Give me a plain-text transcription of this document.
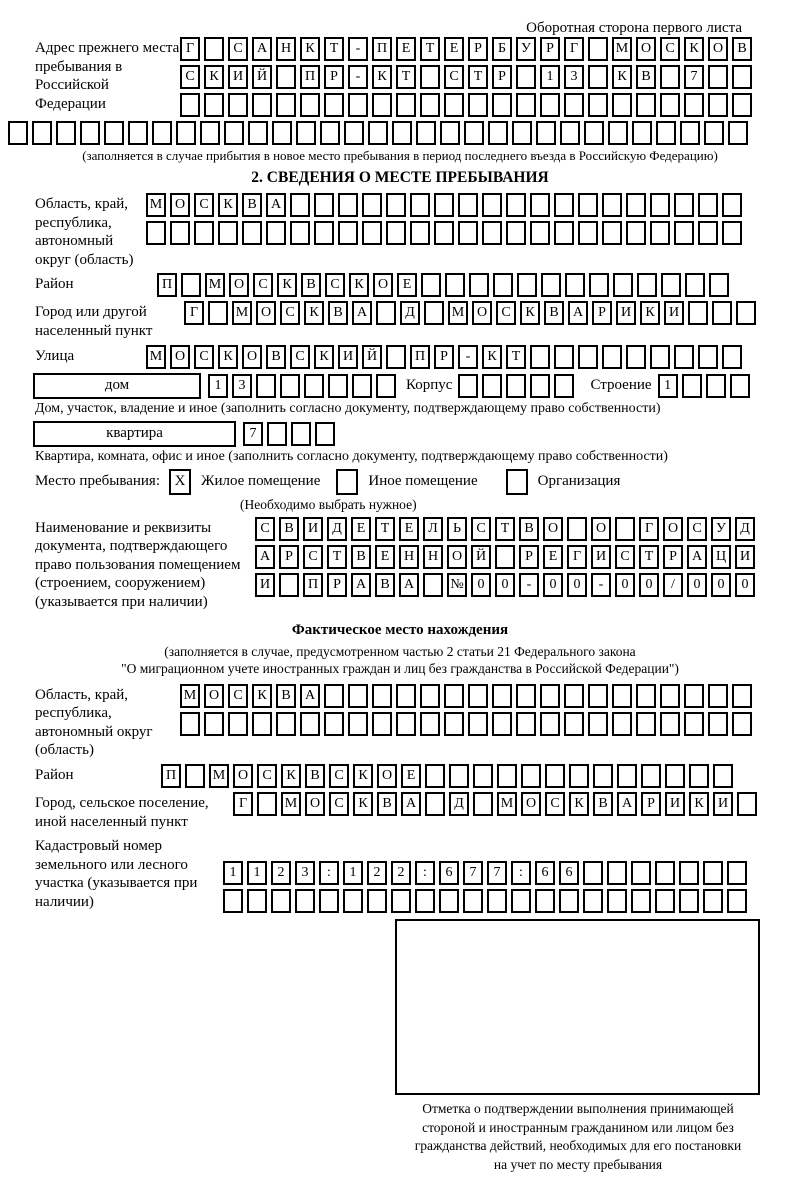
Оборотная сторона первого листа
Адрес прежнего места пребывания в Российской Федерации
Г	С	А Н	К	Т	-	П	Е	Т	Е	Р	Б	У	Р	Г	М О	С	К	О	В
С	К	И Й	П	Р	-	К	Т	С	Т	Р	1	3	К	В	7
(заполняется в случае прибытия в новое место пребывания в период последнего въезда в Российскую Федерацию)
2. СВЕДЕНИЯ О МЕСТЕ ПРЕБЫВАНИЯ
Область, край, республика, автономный округ (область)
М О	С	К	В	А
Район	П	М О	С	К	В	С	К	О	Е
Город или другой населенный пункт
Г	М О	С	К	В	А	Д	М О	С	К	В	А	Р	И	К	И
Улица	М О	С	К	О	В	С	К	И Й	П	Р	-	К	Т
дом	1	3	Корпус	Строение 1
Дом, участок, владение и иное (заполнить согласно документу, подтверждающему право собственности)
квартира	7
Квартира, комната, офис и иное (заполнить согласно документу, подтверждающему право собственности)
Место пребывания: X	Жилое помещение	Иное помещение	Организация
(Необходимо выбрать нужное)
Наименование и реквизиты документа, подтверждающего право пользования помещением (строением, сооружением) (указывается при наличии)
С	В	И	Д	Е	Т	Е	Л	Ь	С	Т	В	О	О	Г	О	С	У	Д
А	Р	С	Т	В	Е	Н Н О Й	Р	Е	Г	И	С	Т	Р	А Ц И
И	П	Р	А	В	А	№ 0	0	-	0	0	-	0	0	/	0	0	0
Фактическое место нахождения
(заполняется в случае, предусмотренном частью 2 статьи 21 Федерального закона
"О миграционном учете иностранных граждан и лиц без гражданства в Российской Федерации")
Область, край, республика, автономный округ (область)
М О	С	К	В	А
Район	П	М О	С	К	В	С	К	О	Е
Город, сельское поселение, иной населенный пункт
Г	М О	С	К	В	А	Д	М О	С	К	В	А	Р	И	К	И
Кадастровый номер земельного или лесного участка (указывается при наличии)
1	1	2	3	:	1	2	2	:	6	7	7	:	6	6
Отметка о подтверждении выполнения принимающей
стороной и иностранным гражданином или лицом без
гражданства действий, необходимых для его постановки
на учет по месту пребывания
